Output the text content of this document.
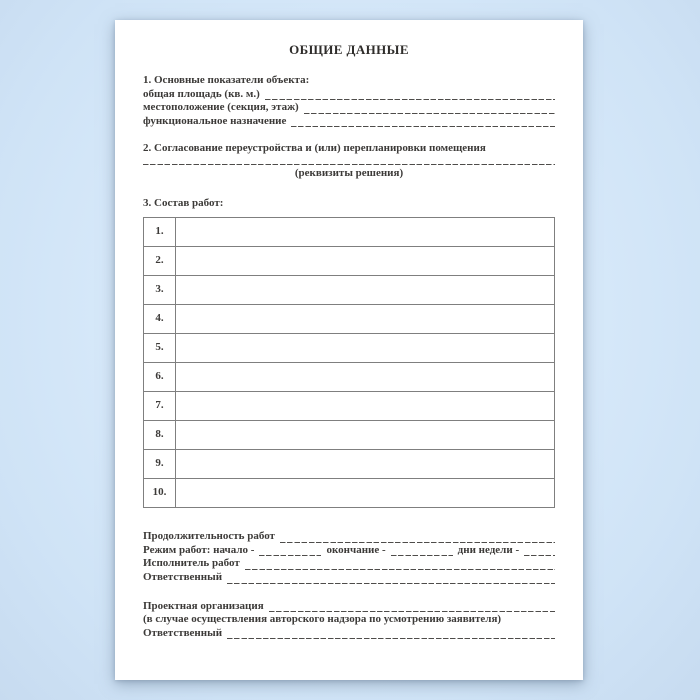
ОБЩИЕ ДАННЫЕ
1. Основные показатели объекта:
общая площадь (кв. м.)
местоположение (секция, этаж)
функциональное назначение
2. Согласование переустройства и (или) перепланировки помещения
(реквизиты решения)
3. Состав работ:
1.	
2.	
3.	
4.	
5.	
6.	
7.	
8.	
9.	
10.	
Продолжительность работ
Режим работ: начало -	окончание -	дни недели -
Исполнитель работ
Ответственный
Проектная организация
(в случае осуществления авторского надзора по усмотрению заявителя)
Ответственный
